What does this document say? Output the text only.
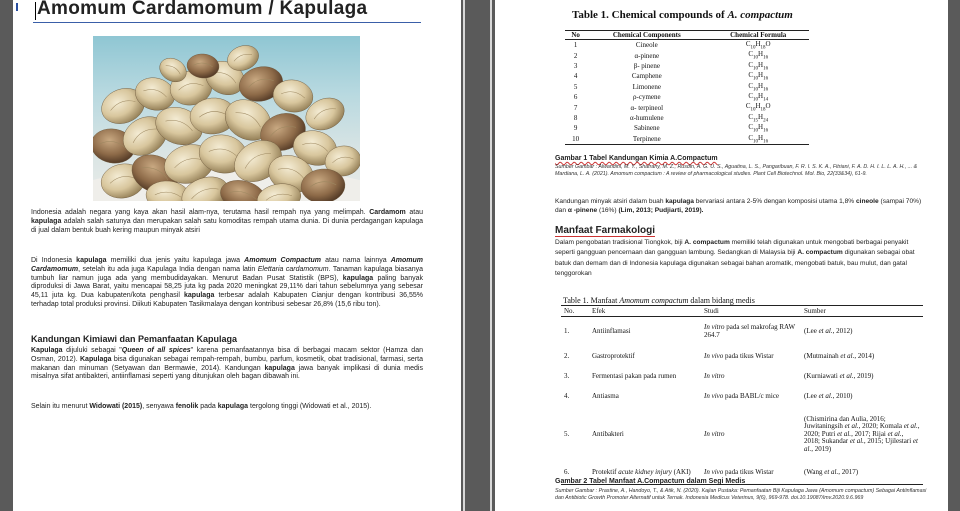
Amomum Cardamomum / Kapulaga
Indonesia adalah negara yang kaya akan hasil alam-nya, terutama hasil rempah nya yang melimpah. Cardamom atau kapulaga adalah salah satunya dan merupakan salah satu komoditas rempah utama dunia. Di dunia perdagangan kapulaga di jual dalam bentuk buah kering maupun minyak atsiri
Di Indonesia kapulaga memiliki dua jenis yaitu kapulaga jawa Amomum Compactum atau nama lainnya Amomum Cardamomum, setelah itu ada juga Kapulaga India dengan nama latin Elettaria cardamomum. Tanaman kapulaga biasanya tumbuh liar namun juga ada yang membudidayakan. Menurut Badan Pusat Statistik (BPS), kapulaga paling banyak diproduksi di Jawa Barat, yaitu mencapai 58,25 juta kg pada 2020 meningkat 29,11% dari tahun sebelumnya yang sebesar 45,11 juta kg. Dua kabupaten/kota penghasil kapulaga terbesar adalah Kabupaten Cianjur dengan kontribusi 36,55% terhadap total produksi provinsi. Diikuti Kabupaten Tasikmalaya dengan kontribusi sebesar 26,8% (15,6 ribu ton).
Kandungan Kimiawi dan Pemanfaatan Kapulaga
Kapulaga dijuluki sebagai "Queen of all spices" karena pemanfaatannya bisa di berbagai macam sektor (Hamza dan Osman, 2012). Kapulaga bisa digunakan sebagai rempah-rempah, bumbu, parfum, kosmetik, obat tradisional, farmasi, serta makanan dan minuman (Setyawan dan Bermawie, 2014). Kandungan kapulaga jawa banyak implikasi di dunia medis misalnya sifat antibakteri, antiinflamasi seperti yang ditunjukan oleh bagan dibawah ini.
Selain itu menurut Widowati (2015), senyawa fenolik pada kapulaga tergolong tinggi (Widowati et al., 2015).
Table 1. Chemical compounds of A. compactum
No	Chemical Components	Chemical Formula
1	Cineole	$C_{10}H_{18}O$
2	α-pinene	$C_{10}H_{16}$
3	β- pinene	$C_{10}H_{16}$
4	Camphene	$C_{10}H_{16}$
5	Limonene	$C_{10}H_{16}$
6	ρ-cymene	$C_{10}H_{14}$
7	α- terpineol	$C_{10}H_{18}O$
8	α-humulene	$C_{15}H_{24}$
9	Sabinene	$C_{10}H_{16}$
10	Terpinene	$C_{10}H_{16}$
Gambar 1 Tabel Kandungan Kimia A.Compactum
Sumber Gambar : Alwandini, M. Y., Shafrany, M. Z., Rusdin, A. G. U. S., Aguatina, L. S., Pangaribuan, F. R. I. S. K. A., Fitriani, F. A. D. H. I. L. L. A. H., ... & Mardiana, L. A. (2021). Amomum compactum : A review of pharmacological studies. Plant Cell Biotechnol. Mol. Bio, 22(33&34), 61-9.
Kandungan minyak atsiri dalam buah kapulaga bervariasi antara 2-5% dengan komposisi utama 1,8% cineole (sampai 70%) dan α -pinene (16%) (Lim, 2013; Pudjiarti, 2019).
Manfaat Farmakologi
Dalam pengobatan tradisional Tiongkok, biji A. compactum memiliki telah digunakan untuk mengobati berbagai penyakit seperti gangguan pencernaan dan gangguan lambung. Sedangkan di Malaysia biji A. compactum digunakan sebagai obat batuk dan demam dan di Indonesia kapulaga digunakan sebagai bahan aromatik, mengobati batuk, bau mulut, dan gatal tenggorokan
Table 1. Manfaat Amomum compactum dalam bidang medis
No.	Efek	Studi	Sumber
1.	Antiinflamasi	In vitro pada sel makrofag RAW 264.7	(Lee et al., 2012)
2.	Gastroprotektif	In vivo pada tikus Wistar	(Mutmainah et al., 2014)
3.	Fermentasi pakan pada rumen	In vitro	(Kurniawati et al., 2019)
4.	Antiasma	In vivo pada BABL/c mice	(Lee et al., 2010)
5.	Antibakteri	In vitro	(Chismirina dan Aulia, 2016; Juwitaningsih et al., 2020; Komala et al., 2020; Putri et al., 2017; Rijai et al., 2018; Sukandar et al., 2015; Ujilestari et al., 2019)
6.	Protektif acute kidney injury (AKI)	In vivo pada tikus Wistar	(Wang et al., 2017)
Gambar 2 Tabel Manfaat A.Compactum dalam Segi Medis
Sumber Gambar : Prastine, A., Handoyo, T., & Atik, N. (2020). Kajian Pustaka: Pemanfaatan Biji Kapulaga Jawa (Amomum compactum) Sebagai Antiinflamasi dan Antibiotic Growth Promoter Alternatif untuk Ternak. Indonesia Medicus Veterinus, 9(6), 969-978. doi.10.19087/imv.2020.9.6.969
